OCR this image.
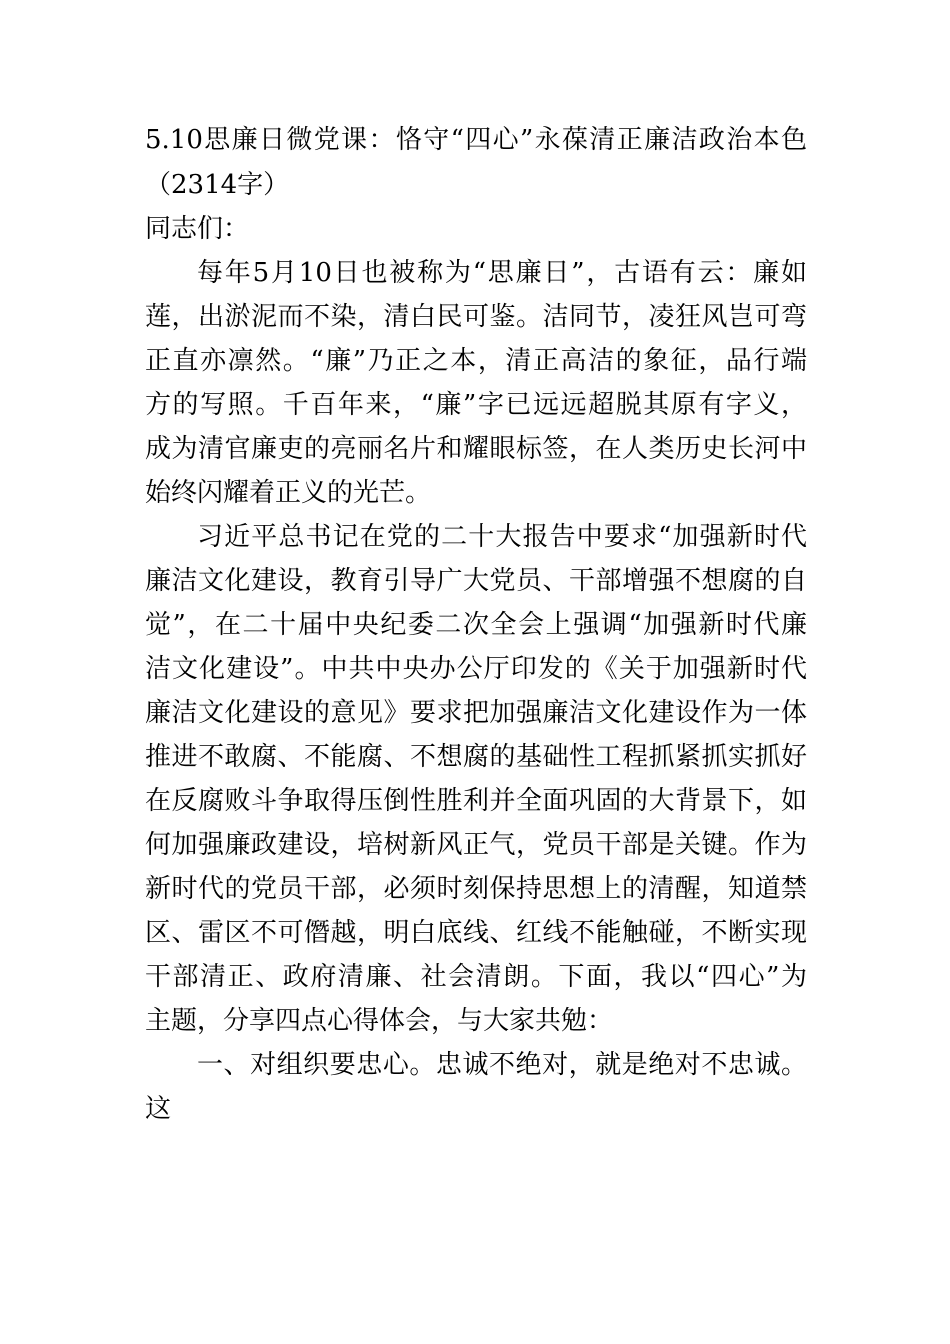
5.10思廉日微党课：恪守“四心”永葆清正廉洁政治本色
（2314字）
同志们：
每年5月10日也被称为“思廉日”，古语有云：廉如
莲，出淤泥而不染，清白民可鉴。洁同节，凌狂风岂可弯
正直亦凛然。“廉”乃正之本，清正高洁的象征，品行端
方的写照。千百年来，“廉”字已远远超脱其原有字义，
成为清官廉吏的亮丽名片和耀眼标签，在人类历史长河中
始终闪耀着正义的光芒。
习近平总书记在党的二十大报告中要求“加强新时代
廉洁文化建设，教育引导广大党员、干部增强不想腐的自
觉”，在二十届中央纪委二次全会上强调“加强新时代廉
洁文化建设”。中共中央办公厅印发的《关于加强新时代
廉洁文化建设的意见》要求把加强廉洁文化建设作为一体
推进不敢腐、不能腐、不想腐的基础性工程抓紧抓实抓好
在反腐败斗争取得压倒性胜利并全面巩固的大背景下，如
何加强廉政建设，培树新风正气，党员干部是关键。作为
新时代的党员干部，必须时刻保持思想上的清醒，知道禁
区、雷区不可僭越，明白底线、红线不能触碰，不断实现
干部清正、政府清廉、社会清朗。下面，我以“四心”为
主题，分享四点心得体会，与大家共勉：
一、对组织要忠心。忠诚不绝对，就是绝对不忠诚。
这
